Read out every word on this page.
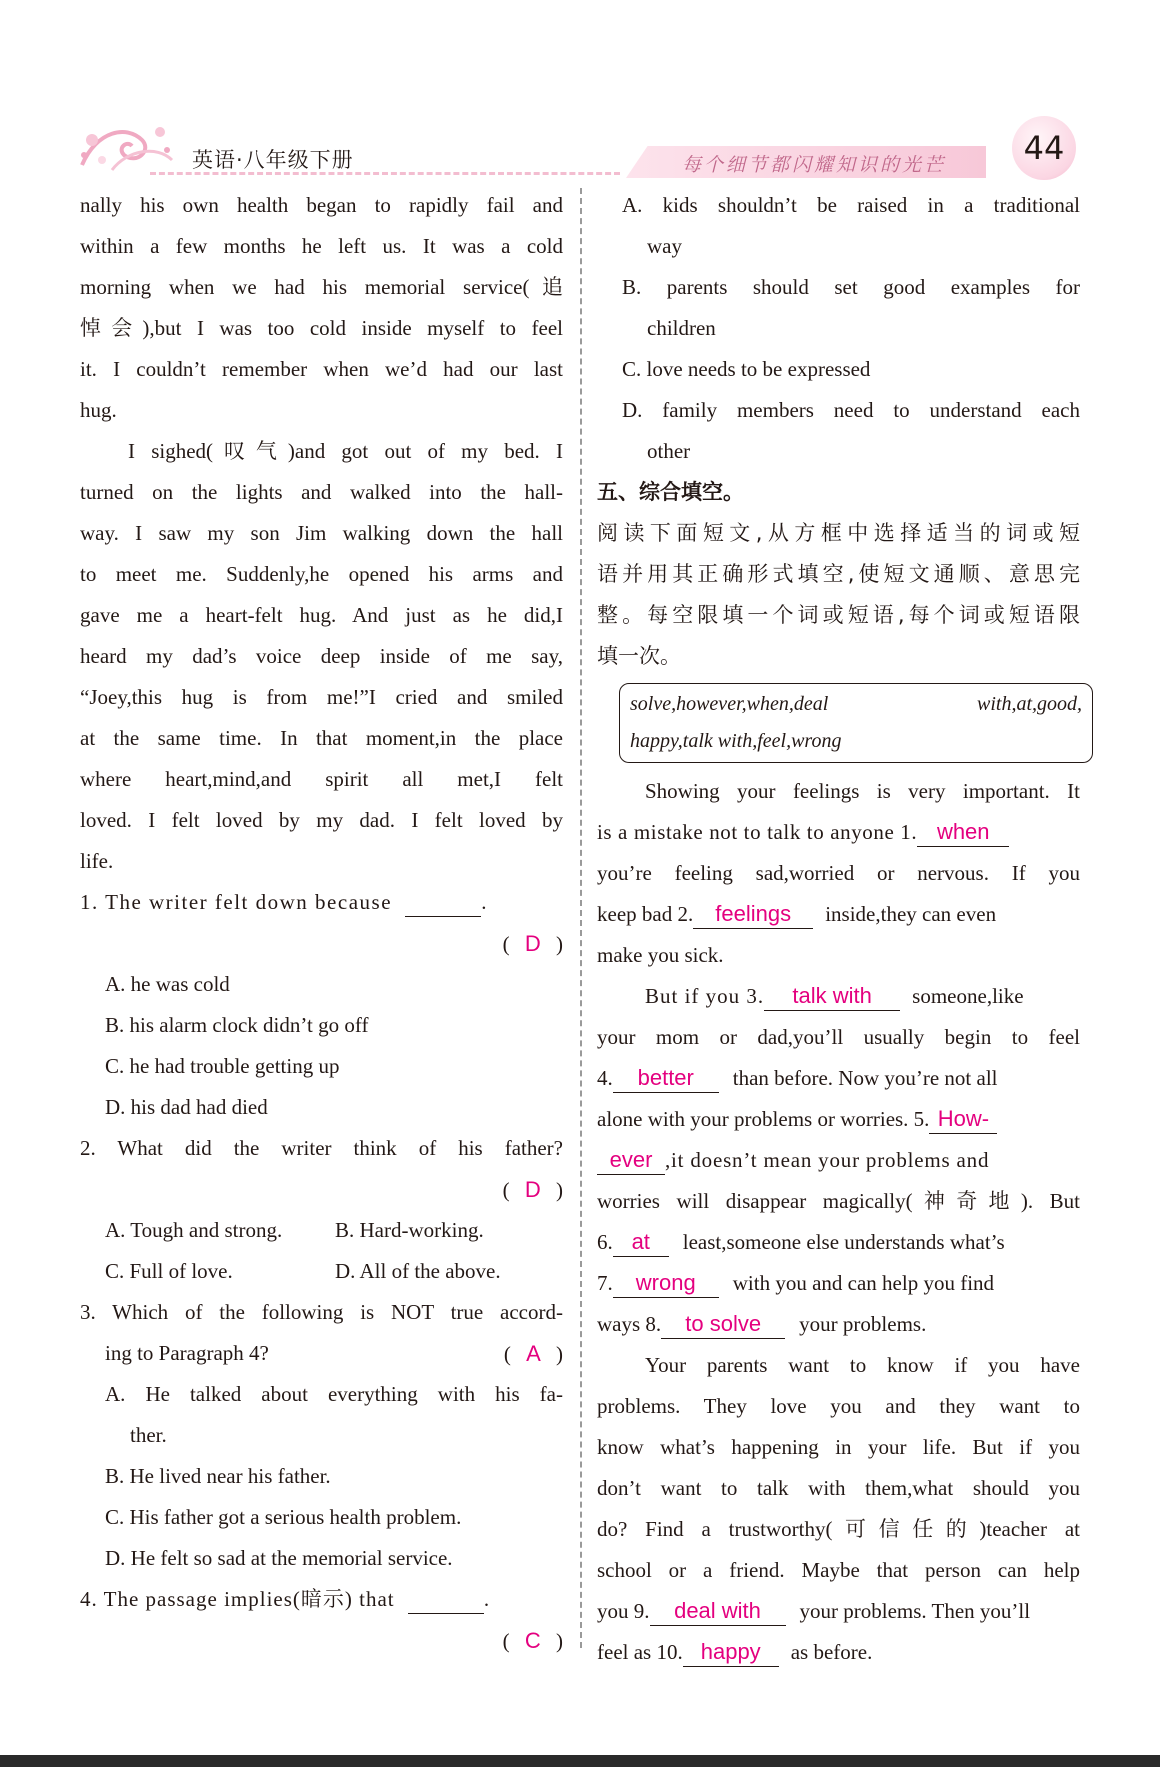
英语·八年级下册	每个细节都闪耀知识的光芒	44
nally his own health began to rapidly fail and
within a few months he left us. It was a cold
morning when we had his memorial service(追
悼会),but I was too cold inside myself to feel
it. I couldn’t remember when we’d had our last
hug.
I sighed(叹气)and got out of my bed. I
turned on the lights and walked into the hall-
way. I saw my son Jim walking down the hall
to meet me. Suddenly,he opened his arms and
gave me a heart-felt hug. And just as he did,I
heard my dad’s voice deep inside of me say,
“Joey,this hug is from me!”I cried and smiled
at the same time. In that moment,in the place
where heart,mind,and spirit all met,I felt
loved. I felt loved by my dad. I felt loved by
life.
1. The writer felt down because	.
( D )
A. he was cold
B. his alarm clock didn’t go off
C. he had trouble getting up
D. his dad had died
2. What did the writer think of his father?
( D )
A. Tough and strong.	B. Hard-working.
C. Full of love.	D. All of the above.
3. Which of the following is NOT true accord-
ing to Paragraph 4?	( A )
A. He talked about everything with his fa-
ther.
B. He lived near his father.
C. His father got a serious health problem.
D. He felt so sad at the memorial service.
4. The passage implies(暗示) that	.
( C )
A. kids shouldn’t be raised in a traditional
way
B. parents should set good examples for
children
C. love needs to be expressed
D. family members need to understand each
other
五、综合填空。
阅读下面短文,从方框中选择适当的词或短
语并用其正确形式填空,使短文通顺、意思完
整。每空限填一个词或短语,每个词或短语限
填一次。
solve,however,when,deal with,at,good,
happy,talk with,feel,wrong
Showing your feelings is very important. It
is a mistake not to talk to anyone 1. when
you’re feeling sad,worried or nervous. If you
keep bad 2. feelings inside,they can even
make you sick.
But if you 3. talk with someone,like
your mom or dad,you’ll usually begin to feel
4. better than before. Now you’re not all
alone with your problems or worries. 5. How-
ever ,it doesn’t mean your problems and
worries will disappear magically(神奇地). But
6. at least,someone else understands what’s
7. wrong with you and can help you find
ways 8. to solve your problems.
Your parents want to know if you have
problems. They love you and they want to
know what’s happening in your life. But if you
don’t want to talk with them,what should you
do? Find a trustworthy(可信任的)teacher at
school or a friend. Maybe that person can help
you 9. deal with your problems. Then you’ll
feel as 10. happy as before.
